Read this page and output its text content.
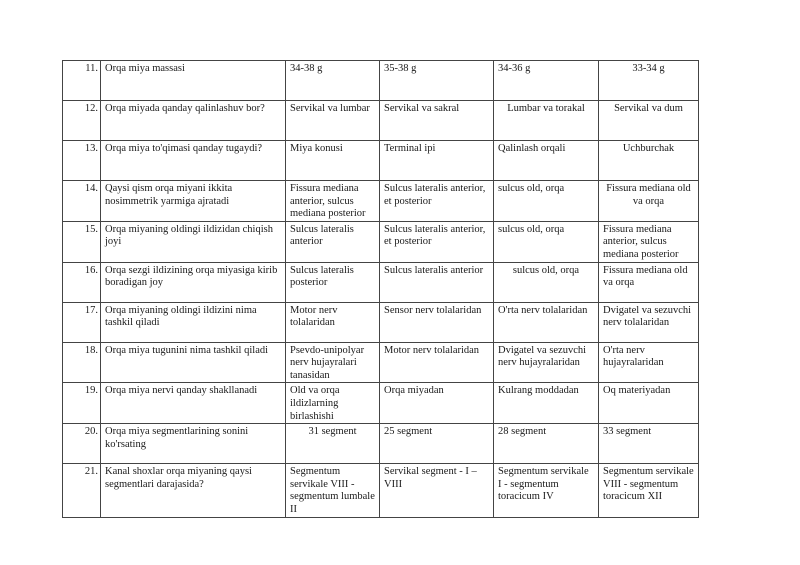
11.	Orqa miya massasi	34-38 g	35-38 g	34-36 g	33-34 g
12.	Orqa miyada qanday qalinlashuv bor?	Servikal va lumbar	Servikal va sakral	Lumbar va torakal	Servikal va dum
13.	Orqa miya to'qimasi qanday tugaydi?	Miya konusi	Terminal ipi	Qalinlash orqali	Uchburchak
14.	Qaysi qism orqa miyani ikkita nosimmetrik yarmiga ajratadi	Fissura mediana anterior, sulcus mediana posterior	Sulcus lateralis anterior, et posterior	sulcus old, orqa	Fissura mediana old va orqa
15.	Orqa miyaning oldingi ildizidan chiqish joyi	Sulcus lateralis anterior	Sulcus lateralis anterior, et posterior	sulcus old, orqa	Fissura mediana anterior, sulcus mediana posterior
16.	Orqa sezgi ildizining orqa miyasiga kirib boradigan joy	Sulcus lateralis posterior	Sulcus lateralis anterior	sulcus old, orqa	Fissura mediana old va orqa
17.	Orqa miyaning oldingi ildizini nima tashkil qiladi	Motor nerv tolalaridan	Sensor nerv tolalaridan	O'rta nerv tolalaridan	Dvigatel va sezuvchi nerv tolalaridan
18.	Orqa miya tugunini nima tashkil qiladi	Psevdo-unipolyar nerv hujayralari tanasidan	Motor nerv tolalaridan	Dvigatel va sezuvchi nerv hujayralaridan	O'rta nerv hujayralaridan
19.	Orqa miya nervi qanday shakllanadi	Old va orqa ildizlarning birlashishi	Orqa miyadan	Kulrang moddadan	Oq materiyadan
20.	Orqa miya segmentlarining sonini ko'rsating	31 segment	25 segment	28 segment	33 segment
21.	Kanal shoxlar orqa miyaning qaysi segmentlari darajasida?	Segmentum servikale VIII - segmentum lumbale II	Servikal segment - I – VIII	Segmentum servikale I - segmentum toracicum IV	Segmentum servikale VIII - segmentum toracicum XII
